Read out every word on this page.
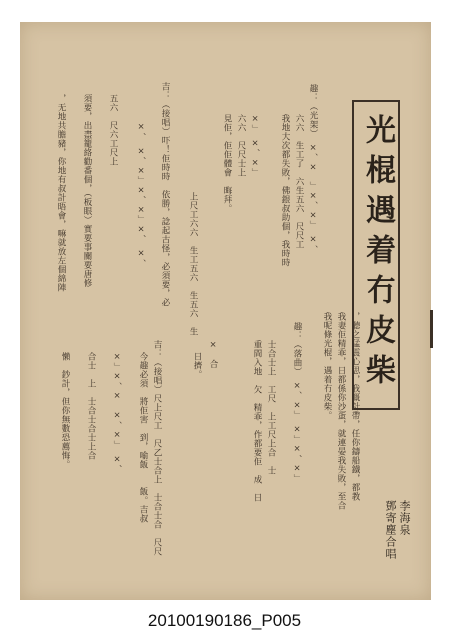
光棍遇着冇皮柴
李海泉
鄧寄塵合唱
，聽之猛震心思，我嘅計帶，任你鑄船鐵，都教
我妻佢精乖，日都係你沙蛋，就連晏我失敗，至合
我呢條光棍，遇着冇皮柴。
趣：（光架）　×、×　」×、×」　×、
六六　生工了　六生五六　尺尺工
我地大次都失敗，佛銀叔助個，我時時
×」　×、×」
六六　尺尺士上
見佢，佢佢體會　晦拜。
上尺工六六　生工五六　生五六　生
吉：（接唱）吓！佢時時　依勝，諗起古怪，必須要，必
×、　×、×」×、×」×、　×、
五六　尺六工尺上
須要，出盡籠絡勸番個，（板眼）實要事關要唐修
，无地共膽豬，你地有叔計晤會，嘛就放左個綿陣
趣：（落曲）　×、×」　×」×、×」
士合士上　工尺　上工尺上合　士
重間入地　欠　精乖，作都要佢　成　日
×　合
日擠。
吉：（接唱）尺上尺工　尺乙士合上　士合士合　尺尺
今趣必須　將佢害　到，喻飯　　飯。吉叔
×」×、×　×、×」　×、
合士　上　士合士合士上合
懶　鈔計，但你無數恐薦悔。
20100190186_P005
